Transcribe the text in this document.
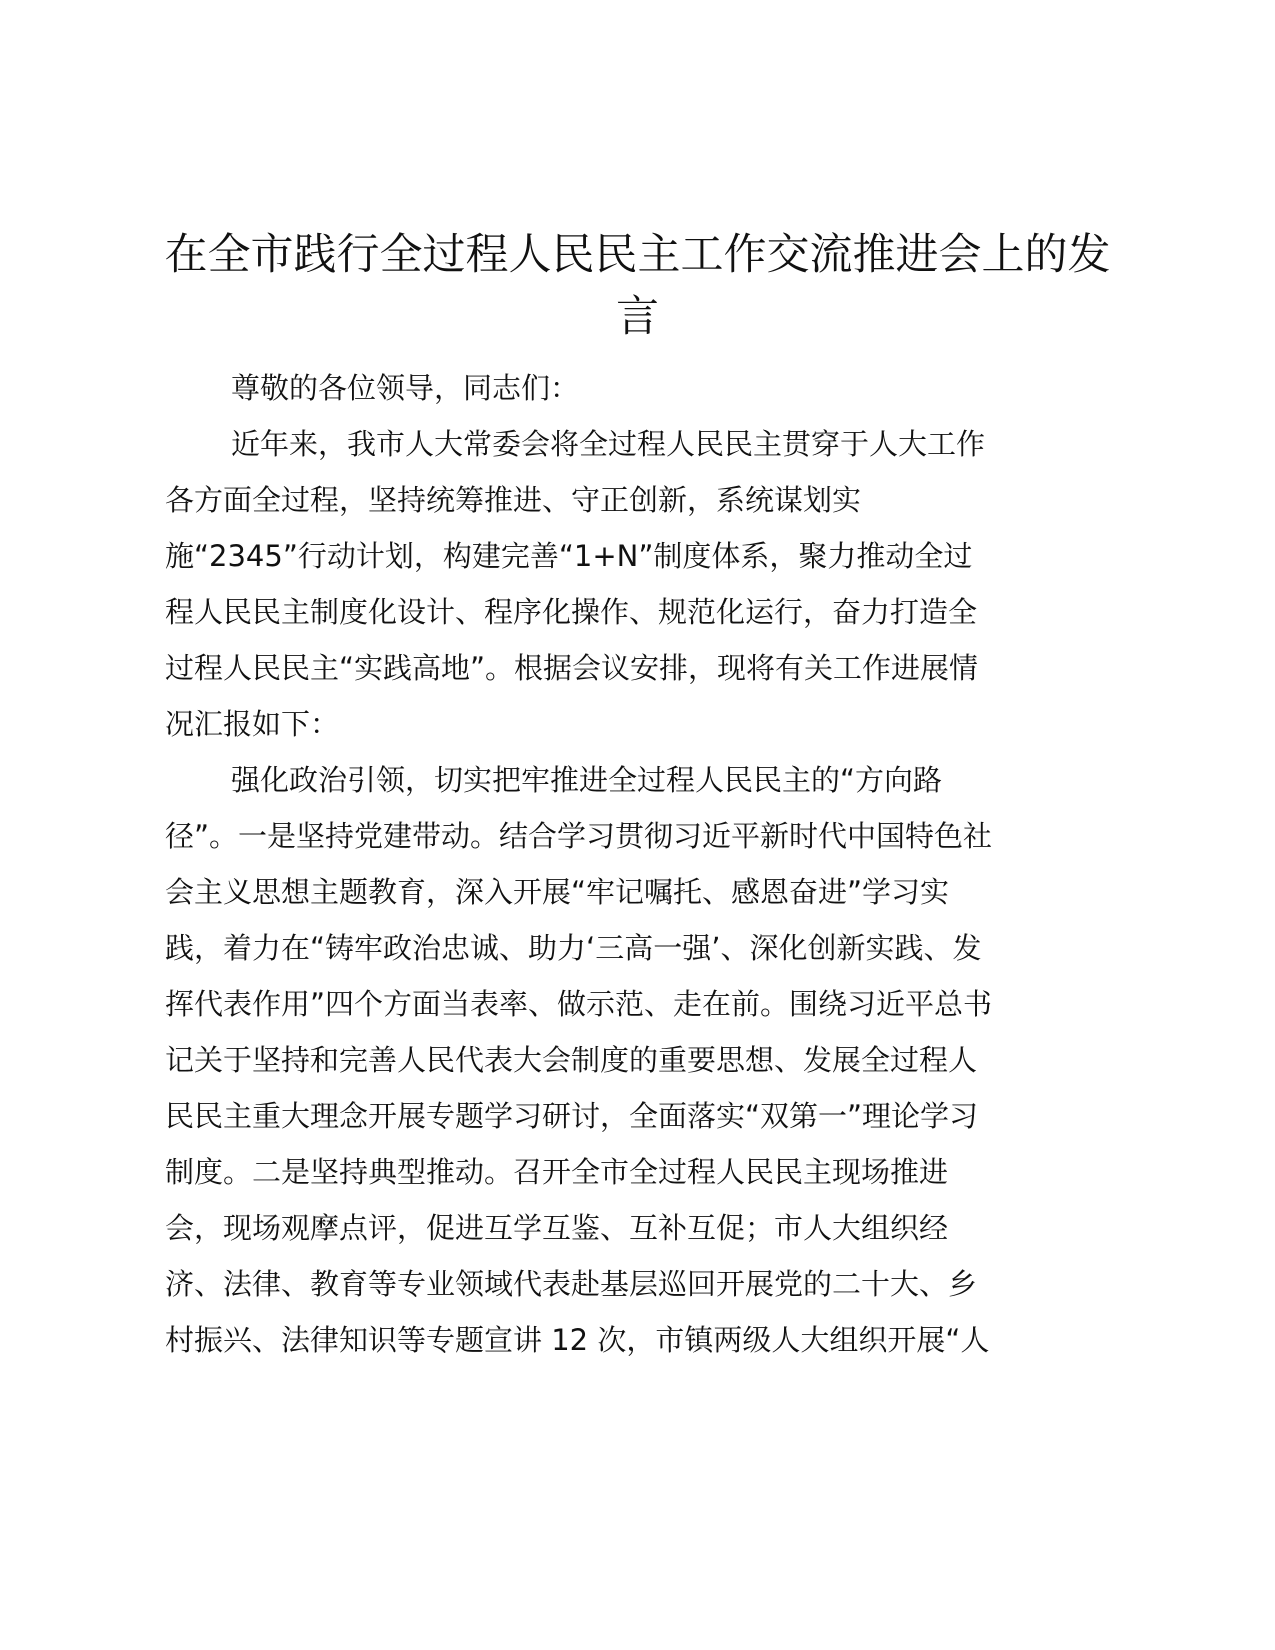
在全市践行全过程人民民主工作交流推进会上的发言

尊敬的各位领导，同志们：

近年来，我市人大常委会将全过程人民民主贯穿于人大工作

各方面全过程，坚持统筹推进、守正创新，系统谋划实

施“2345”行动计划，构建完善“1+N”制度体系，聚力推动全过

程人民民主制度化设计、程序化操作、规范化运行，奋力打造全

过程人民民主“实践高地”。根据会议安排，现将有关工作进展情

况汇报如下：

强化政治引领，切实把牢推进全过程人民民主的“方向路

径”。一是坚持党建带动。结合学习贯彻习近平新时代中国特色社

会主义思想主题教育，深入开展“牢记嘱托、感恩奋进”学习实

践，着力在“铸牢政治忠诚、助力‘三高一强’、深化创新实践、发

挥代表作用”四个方面当表率、做示范、走在前。围绕习近平总书

记关于坚持和完善人民代表大会制度的重要思想、发展全过程人

民民主重大理念开展专题学习研讨，全面落实“双第一”理论学习

制度。二是坚持典型推动。召开全市全过程人民民主现场推进

会，现场观摩点评，促进互学互鉴、互补互促；市人大组织经

济、法律、教育等专业领域代表赴基层巡回开展党的二十大、乡

村振兴、法律知识等专题宣讲 12 次，市镇两级人大组织开展“人
